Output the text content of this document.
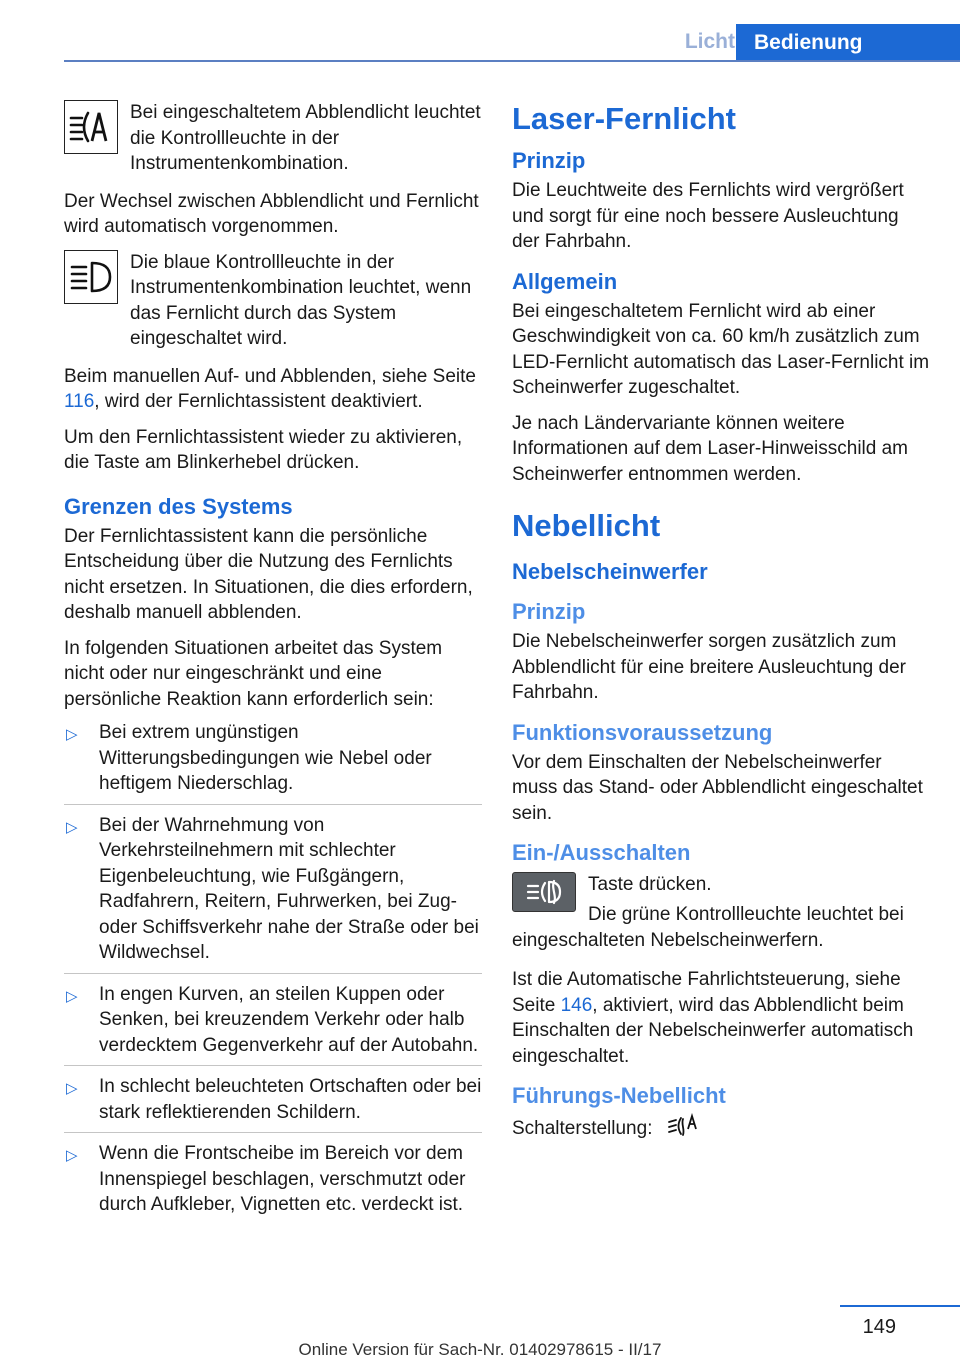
Licht Bedienung

Bei eingeschaltetem Abblendlicht leuchtet die Kontrollleuchte in der Instrumentenkombination.

Der Wechsel zwischen Abblendlicht und Fernlicht wird automatisch vorgenommen.

Die blaue Kontrollleuchte in der Instrumentenkombination leuchtet, wenn das Fernlicht durch das System eingeschaltet wird.

Beim manuellen Auf- und Abblenden, siehe Seite 116, wird der Fernlichtassistent deaktiviert.

Um den Fernlichtassistent wieder zu aktivieren, die Taste am Blinkerhebel drücken.

Grenzen des Systems

Der Fernlichtassistent kann die persönliche Entscheidung über die Nutzung des Fernlichts nicht ersetzen. In Situationen, die dies erfordern, deshalb manuell abblenden.

In folgenden Situationen arbeitet das System nicht oder nur eingeschränkt und eine persönliche Reaktion kann erforderlich sein:

▷ Bei extrem ungünstigen Witterungsbedingungen wie Nebel oder heftigem Niederschlag.
▷ Bei der Wahrnehmung von Verkehrsteilnehmern mit schlechter Eigenbeleuchtung, wie Fußgängern, Radfahrern, Reitern, Fuhrwerken, bei Zug- oder Schiffsverkehr nahe der Straße oder bei Wildwechsel.
▷ In engen Kurven, an steilen Kuppen oder Senken, bei kreuzendem Verkehr oder halb verdecktem Gegenverkehr auf der Autobahn.
▷ In schlecht beleuchteten Ortschaften oder bei stark reflektierenden Schildern.
▷ Wenn die Frontscheibe im Bereich vor dem Innenspiegel beschlagen, verschmutzt oder durch Aufkleber, Vignetten etc. verdeckt ist.
Laser-Fernlicht
Prinzip

Die Leuchtweite des Fernlichts wird vergrößert und sorgt für eine noch bessere Ausleuchtung der Fahrbahn.

Allgemein

Bei eingeschaltetem Fernlicht wird ab einer Geschwindigkeit von ca. 60 km/h zusätzlich zum LED-Fernlicht automatisch das Laser-Fernlicht im Scheinwerfer zugeschaltet.

Je nach Ländervariante können weitere Informationen auf dem Laser-Hinweisschild am Scheinwerfer entnommen werden.

Nebellicht
Nebelscheinwerfer
Prinzip

Die Nebelscheinwerfer sorgen zusätzlich zum Abblendlicht für eine breitere Ausleuchtung der Fahrbahn.

Funktionsvoraussetzung

Vor dem Einschalten der Nebelscheinwerfer muss das Stand- oder Abblendlicht eingeschaltet sein.

Ein-/Ausschalten

Taste drücken.

Die grüne Kontrollleuchte leuchtet bei eingeschalteten Nebelscheinwerfern.

Ist die Automatische Fahrlichtsteuerung, siehe Seite 146, aktiviert, wird das Abblendlicht beim Einschalten der Nebelscheinwerfer automatisch eingeschaltet.

Führungs-Nebellicht

Schalterstellung:

149
Online Version für Sach-Nr. 01402978615 - II/17
